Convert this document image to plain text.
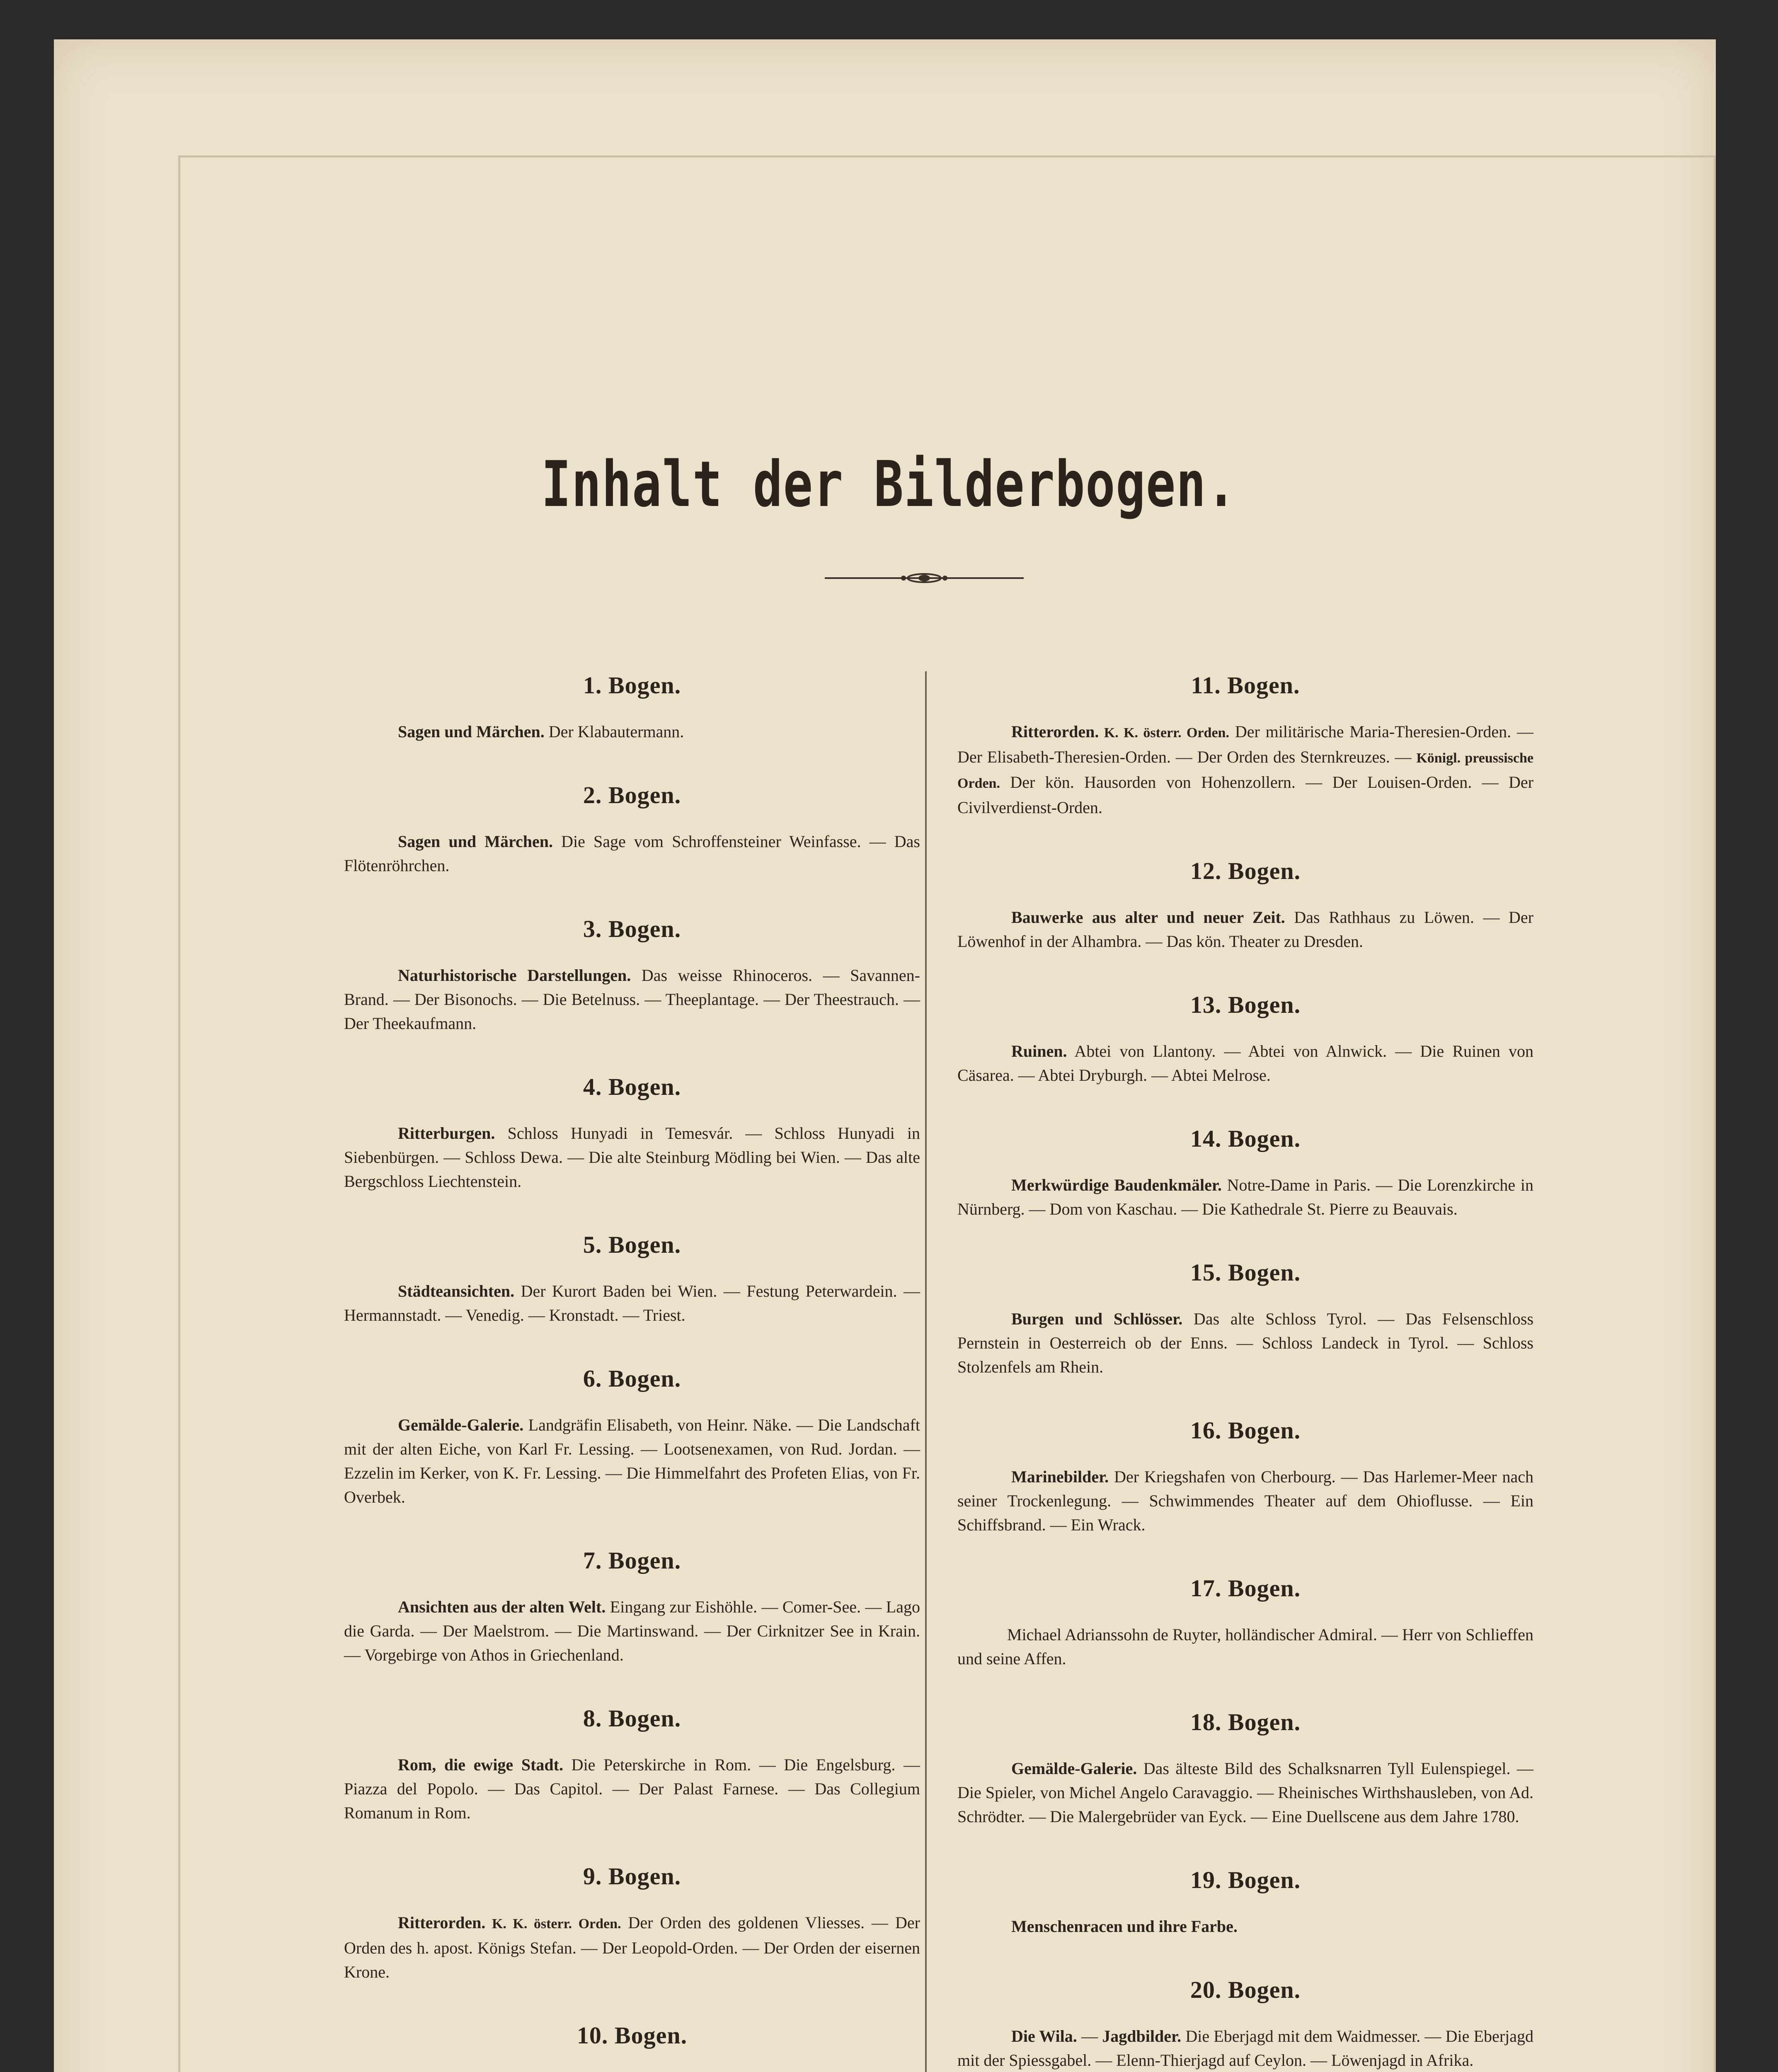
Inhalt der Bilderbogen.
1. Bogen.

Sagen und Märchen. Der Klabautermann.

2. Bogen.

Sagen und Märchen. Die Sage vom Schroffensteiner Weinfasse. — Das Flötenröhrchen.

3. Bogen.

Naturhistorische Darstellungen. Das weisse Rhinoceros. — Savannen-Brand. — Der Bisonochs. — Die Betelnuss. — Theeplantage. — Der Theestrauch. — Der Theekaufmann.

4. Bogen.

Ritterburgen. Schloss Hunyadi in Temesvár. — Schloss Hunyadi in Siebenbürgen. — Schloss Dewa. — Die alte Steinburg Mödling bei Wien. — Das alte Bergschloss Liechtenstein.

5. Bogen.

Städteansichten. Der Kurort Baden bei Wien. — Festung Peterwardein. — Hermannstadt. — Venedig. — Kronstadt. — Triest.

6. Bogen.

Gemälde-Galerie. Landgräfin Elisabeth, von Heinr. Näke. — Die Landschaft mit der alten Eiche, von Karl Fr. Lessing. — Lootsenexamen, von Rud. Jordan. — Ezzelin im Kerker, von K. Fr. Lessing. — Die Himmelfahrt des Profeten Elias, von Fr. Overbek.

7. Bogen.

Ansichten aus der alten Welt. Eingang zur Eishöhle. — Comer-See. — Lago die Garda. — Der Maelstrom. — Die Martinswand. — Der Cirknitzer See in Krain. — Vorgebirge von Athos in Griechenland.

8. Bogen.

Rom, die ewige Stadt. Die Peterskirche in Rom. — Die Engelsburg. — Piazza del Popolo. — Das Capitol. — Der Palast Farnese. — Das Collegium Romanum in Rom.

9. Bogen.

Ritterorden. K. K. österr. Orden. Der Orden des goldenen Vliesses. — Der Orden des h. apost. Königs Stefan. — Der Leopold-Orden. — Der Orden der eisernen Krone.

10. Bogen.

11. Bogen.

Ritterorden. K. K. österr. Orden. Der militärische Maria-Theresien-Orden. — Der Elisabeth-Theresien-Orden. — Der Orden des Sternkreuzes. — Königl. preussische Orden. Der kön. Hausorden von Hohenzollern. — Der Louisen-Orden. — Der Civilverdienst-Orden.

12. Bogen.

Bauwerke aus alter und neuer Zeit. Das Rathhaus zu Löwen. — Der Löwenhof in der Alhambra. — Das kön. Theater zu Dresden.

13. Bogen.

Ruinen. Abtei von Llantony. — Abtei von Alnwick. — Die Ruinen von Cäsarea. — Abtei Dryburgh. — Abtei Melrose.

14. Bogen.

Merkwürdige Baudenkmäler. Notre-Dame in Paris. — Die Lorenzkirche in Nürnberg. — Dom von Kaschau. — Die Kathedrale St. Pierre zu Beauvais.

15. Bogen.

Burgen und Schlösser. Das alte Schloss Tyrol. — Das Felsenschloss Pernstein in Oesterreich ob der Enns. — Schloss Landeck in Tyrol. — Schloss Stolzenfels am Rhein.

16. Bogen.

Marinebilder. Der Kriegshafen von Cherbourg. — Das Harlemer-Meer nach seiner Trockenlegung. — Schwimmendes Theater auf dem Ohioflusse. — Ein Schiffsbrand. — Ein Wrack.

17. Bogen.

Michael Adrianssohn de Ruyter, holländischer Admiral. — Herr von Schlieffen und seine Affen.

18. Bogen.

Gemälde-Galerie. Das älteste Bild des Schalksnarren Tyll Eulenspiegel. — Die Spieler, von Michel Angelo Caravaggio. — Rheinisches Wirthshausleben, von Ad. Schrödter. — Die Malergebrüder van Eyck. — Eine Duellscene aus dem Jahre 1780.

19. Bogen.

Menschenracen und ihre Farbe.

20. Bogen.

Die Wila. — Jagdbilder. Die Eberjagd mit dem Waidmesser. — Die Eberjagd mit der Spiessgabel. — Elenn-Thierjagd auf Ceylon. — Löwenjagd in Afrika.
